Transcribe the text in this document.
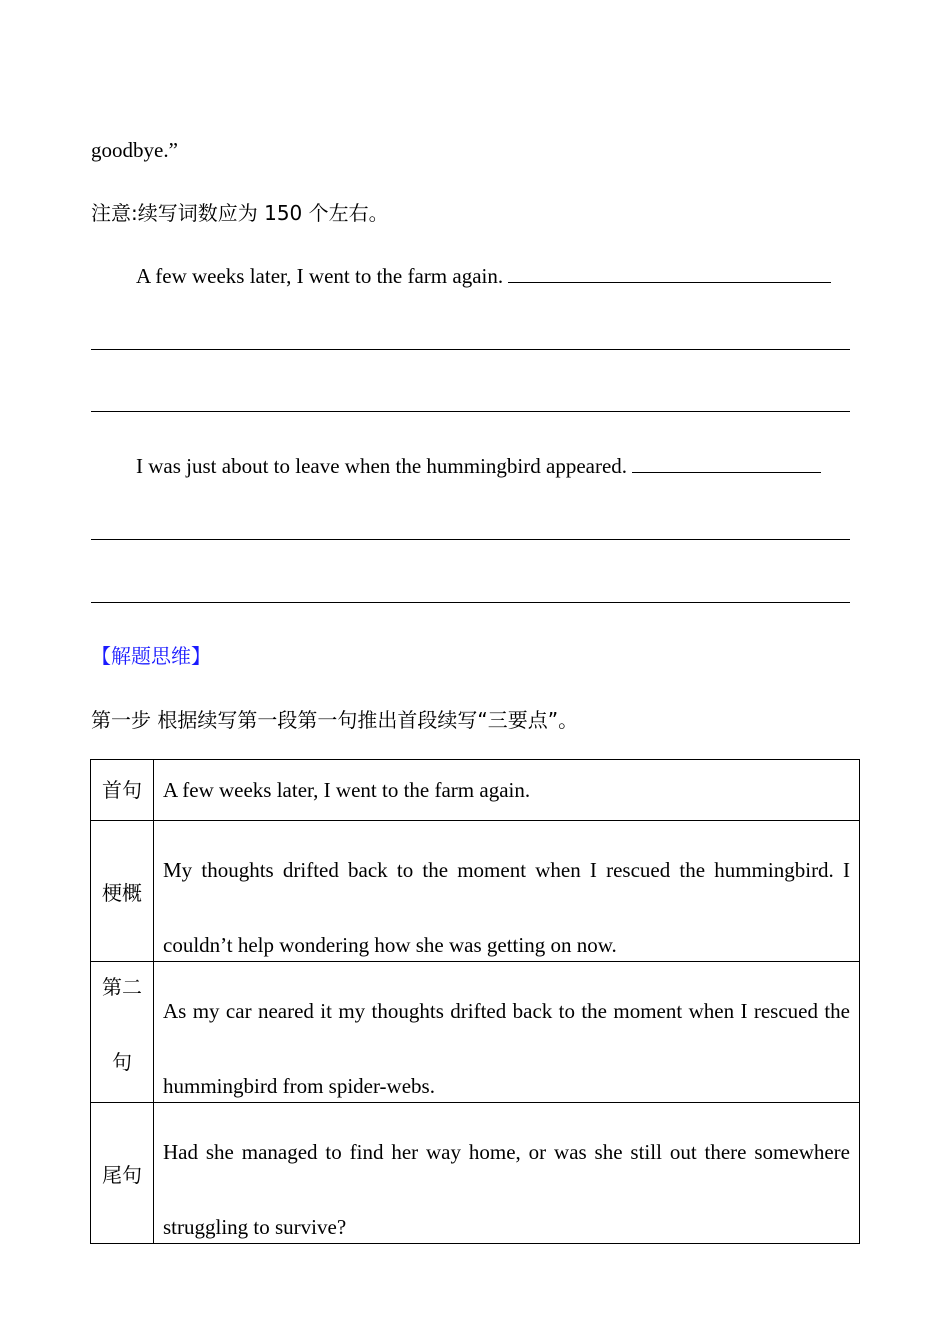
goodbye.”
注意:续写词数应为 150 个左右。
A few weeks later, I went to the farm again.
I was just about to leave when the hummingbird appeared.
【解题思维】
第一步 根据续写第一段第一句推出首段续写“三要点”。
首句	A few weeks later, I went to the farm again.

梗概	My thoughts drifted back to the moment when I rescued the hummingbird. I couldn’t help wondering how she was getting on now.

第二句	As my car neared it my thoughts drifted back to the moment when I rescued the hummingbird from spider-webs.

尾句	Had she managed to find her way home, or was she still out there somewhere struggling to survive?
